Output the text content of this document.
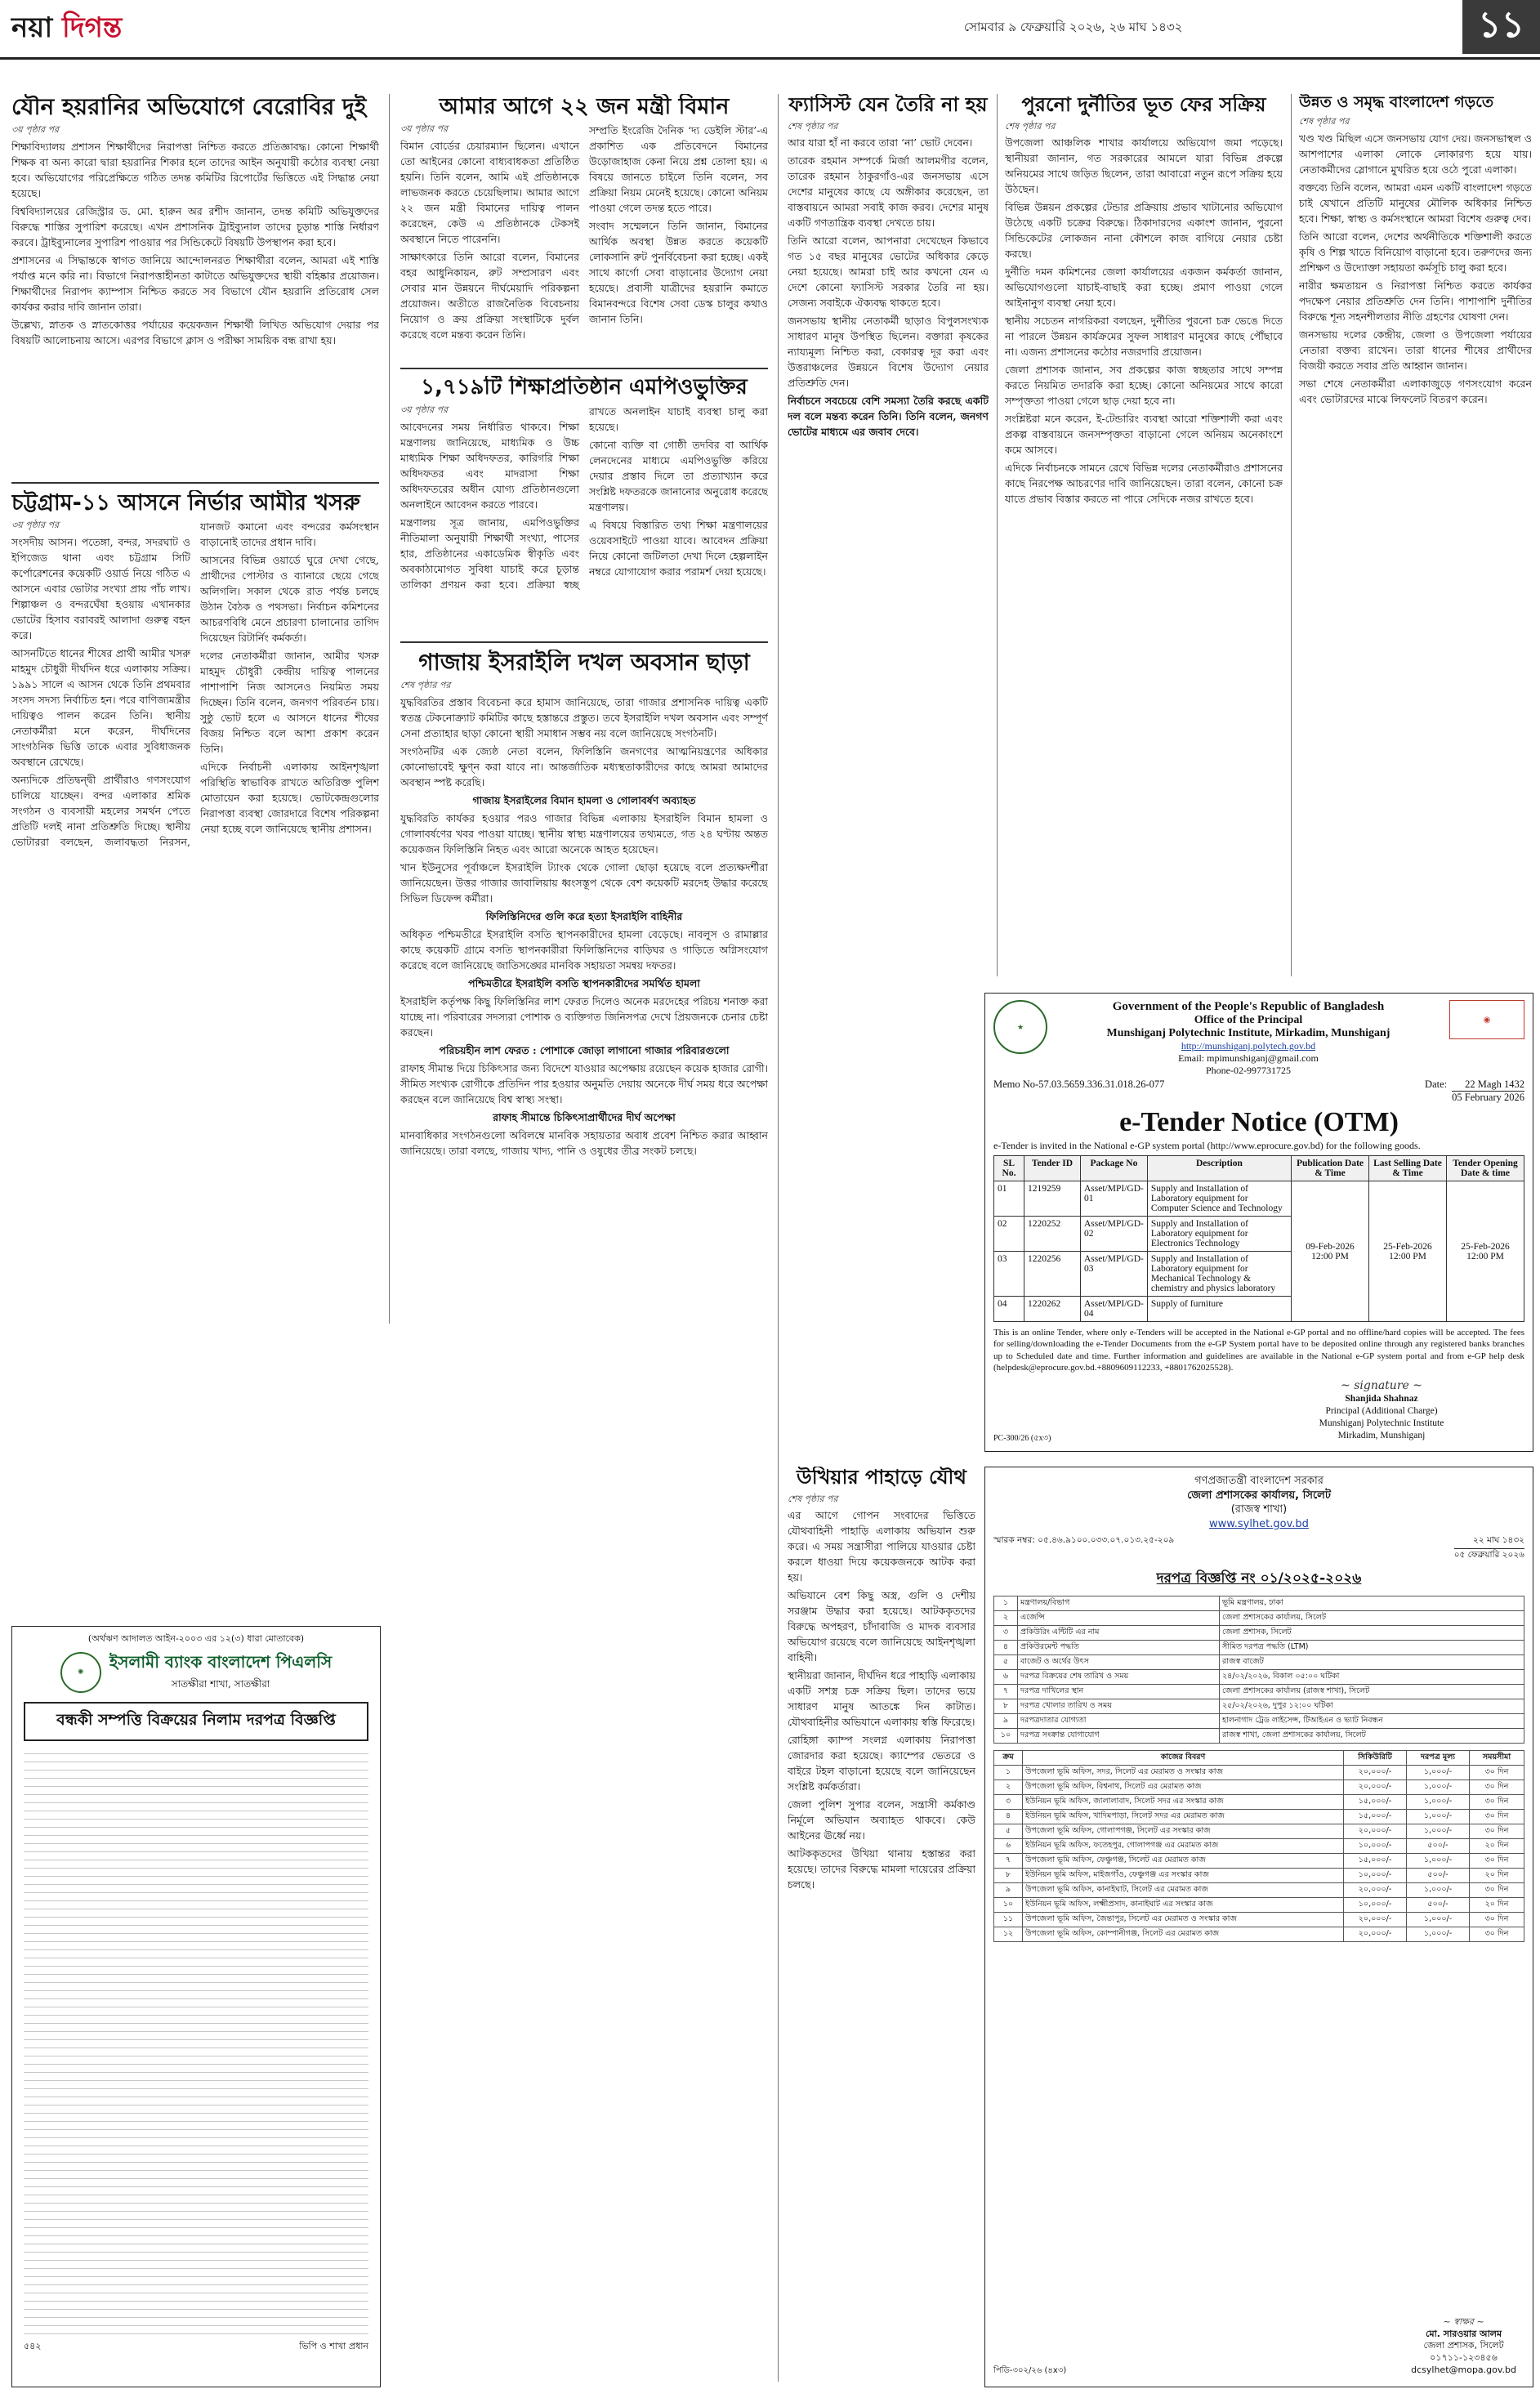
নয়া দিগন্ত	সোমবার ৯ ফেব্রুয়ারি ২০২৬, ২৬ মাঘ ১৪৩২	১১
যৌন হয়রানির অভিযোগে বেরোবির দুই
৩য় পৃষ্ঠার পর

শিক্ষাবিদ্যালয় প্রশাসন শিক্ষার্থীদের নিরাপত্তা নিশ্চিত করতে প্রতিজ্ঞাবদ্ধ। কোনো শিক্ষার্থী শিক্ষক বা অন্য কারো দ্বারা হয়রানির শিকার হলে তাদের আইন অনুযায়ী কঠোর ব্যবস্থা নেয়া হবে। অভিযোগের পরিপ্রেক্ষিতে গঠিত তদন্ত কমিটির রিপোর্টের ভিত্তিতে এই সিদ্ধান্ত নেয়া হয়েছে।

বিশ্ববিদ্যালয়ের রেজিস্ট্রার ড. মো. হারুন অর রশীদ জানান, তদন্ত কমিটি অভিযুক্তদের বিরুদ্ধে শাস্তির সুপারিশ করেছে। এখন প্রশাসনিক ট্রাইব্যুনাল তাদের চূড়ান্ত শাস্তি নির্ধারণ করবে। ট্রাইব্যুনালের সুপারিশ পাওয়ার পর সিন্ডিকেটে বিষয়টি উপস্থাপন করা হবে।

প্রশাসনের এ সিদ্ধান্তকে স্বাগত জানিয়ে আন্দোলনরত শিক্ষার্থীরা বলেন, আমরা এই শাস্তি পর্যাপ্ত মনে করি না। বিভাগে নিরাপত্তাহীনতা কাটাতে অভিযুক্তদের স্থায়ী বহিষ্কার প্রয়োজন। শিক্ষার্থীদের নিরাপদ ক্যাম্পাস নিশ্চিত করতে সব বিভাগে যৌন হয়রানি প্রতিরোধ সেল কার্যকর করার দাবি জানান তারা।

উল্লেখ্য, স্নাতক ও স্নাতকোত্তর পর্যায়ের কয়েকজন শিক্ষার্থী লিখিত অভিযোগ দেয়ার পর বিষয়টি আলোচনায় আসে। এরপর বিভাগে ক্লাস ও পরীক্ষা সাময়িক বন্ধ রাখা হয়।

চট্টগ্রাম-১১ আসনে নির্ভার আমীর খসরু
৩য় পৃষ্ঠার পর

সংসদীয় আসন। পতেঙ্গা, বন্দর, সদরঘাট ও ইপিজেড থানা এবং চট্টগ্রাম সিটি কর্পোরেশনের কয়েকটি ওয়ার্ড নিয়ে গঠিত এ আসনে এবার ভোটার সংখ্যা প্রায় পাঁচ লাখ। শিল্পাঞ্চল ও বন্দরঘেঁষা হওয়ায় এখানকার ভোটের হিসাব বরাবরই আলাদা গুরুত্ব বহন করে।

আসনটিতে ধানের শীষের প্রার্থী আমীর খসরু মাহমুদ চৌধুরী দীর্ঘদিন ধরে এলাকায় সক্রিয়। ১৯৯১ সালে এ আসন থেকে তিনি প্রথমবার সংসদ সদস্য নির্বাচিত হন। পরে বাণিজ্যমন্ত্রীর দায়িত্বও পালন করেন তিনি। স্থানীয় নেতাকর্মীরা মনে করেন, দীর্ঘদিনের সাংগঠনিক ভিত্তি তাকে এবার সুবিধাজনক অবস্থানে রেখেছে।

অন্যদিকে প্রতিদ্বন্দ্বী প্রার্থীরাও গণসংযোগ চালিয়ে যাচ্ছেন। বন্দর এলাকার শ্রমিক সংগঠন ও ব্যবসায়ী মহলের সমর্থন পেতে প্রতিটি দলই নানা প্রতিশ্রুতি দিচ্ছে। স্থানীয় ভোটাররা বলছেন, জলাবদ্ধতা নিরসন, যানজট কমানো এবং বন্দরের কর্মসংস্থান বাড়ানোই তাদের প্রধান দাবি।

আসনের বিভিন্ন ওয়ার্ডে ঘুরে দেখা গেছে, প্রার্থীদের পোস্টার ও ব্যানারে ছেয়ে গেছে অলিগলি। সকাল থেকে রাত পর্যন্ত চলছে উঠান বৈঠক ও পথসভা। নির্বাচন কমিশনের আচরণবিধি মেনে প্রচারণা চালানোর তাগিদ দিয়েছেন রিটার্নিং কর্মকর্তা।

দলের নেতাকর্মীরা জানান, আমীর খসরু মাহমুদ চৌধুরী কেন্দ্রীয় দায়িত্ব পালনের পাশাপাশি নিজ আসনেও নিয়মিত সময় দিচ্ছেন। তিনি বলেন, জনগণ পরিবর্তন চায়। সুষ্ঠু ভোট হলে এ আসনে ধানের শীষের বিজয় নিশ্চিত বলে আশা প্রকাশ করেন তিনি।

এদিকে নির্বাচনী এলাকায় আইনশৃঙ্খলা পরিস্থিতি স্বাভাবিক রাখতে অতিরিক্ত পুলিশ মোতায়েন করা হয়েছে। ভোটকেন্দ্রগুলোর নিরাপত্তা ব্যবস্থা জোরদারে বিশেষ পরিকল্পনা নেয়া হচ্ছে বলে জানিয়েছে স্থানীয় প্রশাসন।

(অর্থঋণ আদালত আইন-২০০৩ এর ১২(৩) ধারা মোতাবেক)
✺
ইসলামী ব্যাংক বাংলাদেশ পিএলসি
সাতক্ষীরা শাখা, সাতক্ষীরা
বন্ধকী সম্পত্তি বিক্রয়ের নিলাম দরপত্র বিজ্ঞপ্তি
৫৪২	ভিপি ও শাখা প্রধান
আমার আগে ২২ জন মন্ত্রী বিমান
৩য় পৃষ্ঠার পর

বিমান বোর্ডের চেয়ারম্যান ছিলেন। এখানে তো আইনের কোনো বাধ্যবাধকতা প্রতিষ্ঠিত হয়নি। তিনি বলেন, আমি এই প্রতিষ্ঠানকে লাভজনক করতে চেয়েছিলাম। আমার আগে ২২ জন মন্ত্রী বিমানের দায়িত্ব পালন করেছেন, কেউ এ প্রতিষ্ঠানকে টেকসই অবস্থানে নিতে পারেননি।

সাক্ষাৎকারে তিনি আরো বলেন, বিমানের বহর আধুনিকায়ন, রুট সম্প্রসারণ এবং সেবার মান উন্নয়নে দীর্ঘমেয়াদি পরিকল্পনা প্রয়োজন। অতীতে রাজনৈতিক বিবেচনায় নিয়োগ ও ক্রয় প্রক্রিয়া সংস্থাটিকে দুর্বল করেছে বলে মন্তব্য করেন তিনি।

সম্প্রতি ইংরেজি দৈনিক ‘দ্য ডেইলি স্টার’-এ প্রকাশিত এক প্রতিবেদনে বিমানের উড়োজাহাজ কেনা নিয়ে প্রশ্ন তোলা হয়। এ বিষয়ে জানতে চাইলে তিনি বলেন, সব প্রক্রিয়া নিয়ম মেনেই হয়েছে। কোনো অনিয়ম পাওয়া গেলে তদন্ত হতে পারে।

সংবাদ সম্মেলনে তিনি জানান, বিমানের আর্থিক অবস্থা উন্নত করতে কয়েকটি লোকসানি রুট পুনর্বিবেচনা করা হচ্ছে। একই সাথে কার্গো সেবা বাড়ানোর উদ্যোগ নেয়া হয়েছে। প্রবাসী যাত্রীদের হয়রানি কমাতে বিমানবন্দরে বিশেষ সেবা ডেস্ক চালুর কথাও জানান তিনি।

১,৭১৯টি শিক্ষাপ্রতিষ্ঠান এমপিওভুক্তির
৩য় পৃষ্ঠার পর

আবেদনের সময় নির্ধারিত থাকবে। শিক্ষা মন্ত্রণালয় জানিয়েছে, মাধ্যমিক ও উচ্চ মাধ্যমিক শিক্ষা অধিদফতর, কারিগরি শিক্ষা অধিদফতর এবং মাদরাসা শিক্ষা অধিদফতরের অধীন যোগ্য প্রতিষ্ঠানগুলো অনলাইনে আবেদন করতে পারবে।

মন্ত্রণালয় সূত্র জানায়, এমপিওভুক্তির নীতিমালা অনুযায়ী শিক্ষার্থী সংখ্যা, পাসের হার, প্রতিষ্ঠানের একাডেমিক স্বীকৃতি এবং অবকাঠামোগত সুবিধা যাচাই করে চূড়ান্ত তালিকা প্রণয়ন করা হবে। প্রক্রিয়া স্বচ্ছ রাখতে অনলাইন যাচাই ব্যবস্থা চালু করা হয়েছে।

কোনো ব্যক্তি বা গোষ্ঠী তদবির বা আর্থিক লেনদেনের মাধ্যমে এমপিওভুক্তি করিয়ে দেয়ার প্রস্তাব দিলে তা প্রত্যাখ্যান করে সংশ্লিষ্ট দফতরকে জানানোর অনুরোধ করেছে মন্ত্রণালয়।

এ বিষয়ে বিস্তারিত তথ্য শিক্ষা মন্ত্রণালয়ের ওয়েবসাইটে পাওয়া যাবে। আবেদন প্রক্রিয়া নিয়ে কোনো জটিলতা দেখা দিলে হেল্পলাইন নম্বরে যোগাযোগ করার পরামর্শ দেয়া হয়েছে।

গাজায় ইসরাইলি দখল অবসান ছাড়া
শেষ পৃষ্ঠার পর

যুদ্ধবিরতির প্রস্তাব বিবেচনা করে হামাস জানিয়েছে, তারা গাজার প্রশাসনিক দায়িত্ব একটি স্বতন্ত্র টেকনোক্র্যাট কমিটির কাছে হস্তান্তরে প্রস্তুত। তবে ইসরাইলি দখল অবসান এবং সম্পূর্ণ সেনা প্রত্যাহার ছাড়া কোনো স্থায়ী সমাধান সম্ভব নয় বলে জানিয়েছে সংগঠনটি।

সংগঠনটির এক জ্যেষ্ঠ নেতা বলেন, ফিলিস্তিনি জনগণের আত্মনিয়ন্ত্রণের অধিকার কোনোভাবেই ক্ষুণ্ন করা যাবে না। আন্তর্জাতিক মধ্যস্থতাকারীদের কাছে আমরা আমাদের অবস্থান স্পষ্ট করেছি।

গাজায় ইসরাইলের বিমান হামলা ও গোলাবর্ষণ অব্যাহত

যুদ্ধবিরতি কার্যকর হওয়ার পরও গাজার বিভিন্ন এলাকায় ইসরাইলি বিমান হামলা ও গোলাবর্ষণের খবর পাওয়া যাচ্ছে। স্থানীয় স্বাস্থ্য মন্ত্রণালয়ের তথ্যমতে, গত ২৪ ঘণ্টায় অন্তত কয়েকজন ফিলিস্তিনি নিহত এবং আরো অনেকে আহত হয়েছেন।

খান ইউনুসের পূর্বাঞ্চলে ইসরাইলি ট্যাংক থেকে গোলা ছোড়া হয়েছে বলে প্রত্যক্ষদর্শীরা জানিয়েছেন। উত্তর গাজার জাবালিয়ায় ধ্বংসস্তূপ থেকে বেশ কয়েকটি মরদেহ উদ্ধার করেছে সিভিল ডিফেন্স কর্মীরা।

ফিলিস্তিনিদের গুলি করে হত্যা ইসরাইলি বাহিনীর

অধিকৃত পশ্চিমতীরে ইসরাইলি বসতি স্থাপনকারীদের হামলা বেড়েছে। নাবলুস ও রামাল্লার কাছে কয়েকটি গ্রামে বসতি স্থাপনকারীরা ফিলিস্তিনিদের বাড়িঘর ও গাড়িতে অগ্নিসংযোগ করেছে বলে জানিয়েছে জাতিসঙ্ঘের মানবিক সহায়তা সমন্বয় দফতর।

পশ্চিমতীরে ইসরাইলি বসতি স্থাপনকারীদের সমর্থিত হামলা

ইসরাইলি কর্তৃপক্ষ কিছু ফিলিস্তিনির লাশ ফেরত দিলেও অনেক মরদেহের পরিচয় শনাক্ত করা যাচ্ছে না। পরিবারের সদস্যরা পোশাক ও ব্যক্তিগত জিনিসপত্র দেখে প্রিয়জনকে চেনার চেষ্টা করছেন।

পরিচয়হীন লাশ ফেরত : পোশাকে জোড়া লাগানো গাজার পরিবারগুলো

রাফাহ সীমান্ত দিয়ে চিকিৎসার জন্য বিদেশে যাওয়ার অপেক্ষায় রয়েছেন কয়েক হাজার রোগী। সীমিত সংখ্যক রোগীকে প্রতিদিন পার হওয়ার অনুমতি দেয়ায় অনেকে দীর্ঘ সময় ধরে অপেক্ষা করছেন বলে জানিয়েছে বিশ্ব স্বাস্থ্য সংস্থা।

রাফাহ সীমান্তে চিকিৎসাপ্রার্থীদের দীর্ঘ অপেক্ষা

মানবাধিকার সংগঠনগুলো অবিলম্বে মানবিক সহায়তার অবাধ প্রবেশ নিশ্চিত করার আহ্বান জানিয়েছে। তারা বলছে, গাজায় খাদ্য, পানি ও ওষুধের তীব্র সংকট চলছে।

ফ্যাসিস্ট যেন তৈরি না হয়
শেষ পৃষ্ঠার পর

আর যারা হাঁ না করবে তারা ‘না’ ভোট দেবেন।

তারেক রহমান সম্পর্কে মির্জা আলমগীর বলেন, তারেক রহমান ঠাকুরগাঁও-এর জনসভায় এসে দেশের মানুষের কাছে যে অঙ্গীকার করেছেন, তা বাস্তবায়নে আমরা সবাই কাজ করব। দেশের মানুষ একটি গণতান্ত্রিক ব্যবস্থা দেখতে চায়।

তিনি আরো বলেন, আপনারা দেখেছেন কিভাবে গত ১৫ বছর মানুষের ভোটের অধিকার কেড়ে নেয়া হয়েছে। আমরা চাই আর কখনো যেন এ দেশে কোনো ফ্যাসিস্ট সরকার তৈরি না হয়। সেজন্য সবাইকে ঐক্যবদ্ধ থাকতে হবে।

জনসভায় স্থানীয় নেতাকর্মী ছাড়াও বিপুলসংখ্যক সাধারণ মানুষ উপস্থিত ছিলেন। বক্তারা কৃষকের ন্যায্যমূল্য নিশ্চিত করা, বেকারত্ব দূর করা এবং উত্তরাঞ্চলের উন্নয়নে বিশেষ উদ্যোগ নেয়ার প্রতিশ্রুতি দেন।

নির্বাচনে সবচেয়ে বেশি সমস্যা তৈরি করছে একটি দল বলে মন্তব্য করেন তিনি। তিনি বলেন, জনগণ ভোটের মাধ্যমে এর জবাব দেবে।

পুরনো দুর্নীতির ভূত ফের সক্রিয়
শেষ পৃষ্ঠার পর

উপজেলা আঞ্চলিক শাখার কার্যালয়ে অভিযোগ জমা পড়েছে। স্থানীয়রা জানান, গত সরকারের আমলে যারা বিভিন্ন প্রকল্পে অনিয়মের সাথে জড়িত ছিলেন, তারা আবারো নতুন রূপে সক্রিয় হয়ে উঠছেন।

বিভিন্ন উন্নয়ন প্রকল্পের টেন্ডার প্রক্রিয়ায় প্রভাব খাটানোর অভিযোগ উঠেছে একটি চক্রের বিরুদ্ধে। ঠিকাদারদের একাংশ জানান, পুরনো সিন্ডিকেটের লোকজন নানা কৌশলে কাজ বাগিয়ে নেয়ার চেষ্টা করছে।

দুর্নীতি দমন কমিশনের জেলা কার্যালয়ের একজন কর্মকর্তা জানান, অভিযোগগুলো যাচাই-বাছাই করা হচ্ছে। প্রমাণ পাওয়া গেলে আইনানুগ ব্যবস্থা নেয়া হবে।

স্থানীয় সচেতন নাগরিকরা বলছেন, দুর্নীতির পুরনো চক্র ভেঙে দিতে না পারলে উন্নয়ন কার্যক্রমের সুফল সাধারণ মানুষের কাছে পৌঁছাবে না। এজন্য প্রশাসনের কঠোর নজরদারি প্রয়োজন।

জেলা প্রশাসক জানান, সব প্রকল্পের কাজ স্বচ্ছতার সাথে সম্পন্ন করতে নিয়মিত তদারকি করা হচ্ছে। কোনো অনিয়মের সাথে কারো সম্পৃক্ততা পাওয়া গেলে ছাড় দেয়া হবে না।

সংশ্লিষ্টরা মনে করেন, ই-টেন্ডারিং ব্যবস্থা আরো শক্তিশালী করা এবং প্রকল্প বাস্তবায়নে জনসম্পৃক্ততা বাড়ানো গেলে অনিয়ম অনেকাংশে কমে আসবে।

এদিকে নির্বাচনকে সামনে রেখে বিভিন্ন দলের নেতাকর্মীরাও প্রশাসনের কাছে নিরপেক্ষ আচরণের দাবি জানিয়েছেন। তারা বলেন, কোনো চক্র যাতে প্রভাব বিস্তার করতে না পারে সেদিকে নজর রাখতে হবে।

উন্নত ও সমৃদ্ধ বাংলাদেশ গড়তে
শেষ পৃষ্ঠার পর

খণ্ড খণ্ড মিছিল এসে জনসভায় যোগ দেয়। জনসভাস্থল ও আশপাশের এলাকা লোকে লোকারণ্য হয়ে যায়। নেতাকর্মীদের স্লোগানে মুখরিত হয়ে ওঠে পুরো এলাকা।

বক্তব্যে তিনি বলেন, আমরা এমন একটি বাংলাদেশ গড়তে চাই যেখানে প্রতিটি মানুষের মৌলিক অধিকার নিশ্চিত হবে। শিক্ষা, স্বাস্থ্য ও কর্মসংস্থানে আমরা বিশেষ গুরুত্ব দেব।

তিনি আরো বলেন, দেশের অর্থনীতিকে শক্তিশালী করতে কৃষি ও শিল্প খাতে বিনিয়োগ বাড়ানো হবে। তরুণদের জন্য প্রশিক্ষণ ও উদ্যোক্তা সহায়তা কর্মসূচি চালু করা হবে।

নারীর ক্ষমতায়ন ও নিরাপত্তা নিশ্চিত করতে কার্যকর পদক্ষেপ নেয়ার প্রতিশ্রুতি দেন তিনি। পাশাপাশি দুর্নীতির বিরুদ্ধে শূন্য সহনশীলতার নীতি গ্রহণের ঘোষণা দেন।

জনসভায় দলের কেন্দ্রীয়, জেলা ও উপজেলা পর্যায়ের নেতারা বক্তব্য রাখেন। তারা ধানের শীষের প্রার্থীদের বিজয়ী করতে সবার প্রতি আহ্বান জানান।

সভা শেষে নেতাকর্মীরা এলাকাজুড়ে গণসংযোগ করেন এবং ভোটারদের মাঝে লিফলেট বিতরণ করেন।

★
Government of the People's Republic of Bangladesh
Office of the Principal
Munshiganj Polytechnic Institute, Mirkadim, Munshiganj
http://munshiganj.polytech.gov.bd
Email: mpimunshiganj@gmail.com
Phone-02-997731725
◉
Memo No-57.03.5659.336.31.018.26-077	Date:	22 Magh 1432
05 February 2026
e-Tender Notice (OTM)
e-Tender is invited in the National e-GP system portal (http://www.eprocure.gov.bd) for the following goods.
SL No.	Tender ID	Package No	Description	Publication Date & Time	Last Selling Date & Time	Tender Opening Date & time
01	1219259	Asset/MPI/GD-01	Supply and Installation of Laboratory equipment for Computer Science and Technology	09-Feb-2026 12:00 PM	25-Feb-2026 12:00 PM	25-Feb-2026 12:00 PM
02	1220252	Asset/MPI/GD-02	Supply and Installation of Laboratory equipment for Electronics Technology			
03	1220256	Asset/MPI/GD-03	Supply and Installation of Laboratory equipment for Mechanical Technology & chemistry and physics laboratory			
04	1220262	Asset/MPI/GD-04	Supply of furniture			
This is an online Tender, where only e-Tenders will be accepted in the National e-GP portal and no offline/hard copies will be accepted. The fees for selling/downloading the e-Tender Documents from the e-GP System portal have to be deposited online through any registered banks branches up to Scheduled date and time. Further information and guidelines are available in the National e-GP system portal and from e-GP help desk (helpdesk@eprocure.gov.bd.+8809609112233, +8801762025528).
~ signature ~
Shanjida Shahnaz
Principal (Additional Charge)
Munshiganj Polytechnic Institute
Mirkadim, Munshiganj
PC-300/26 (৫x৩)
উখিয়ার পাহাড়ে যৌথ
শেষ পৃষ্ঠার পর

এর আগে গোপন সংবাদের ভিত্তিতে যৌথবাহিনী পাহাড়ি এলাকায় অভিযান শুরু করে। এ সময় সন্ত্রাসীরা পালিয়ে যাওয়ার চেষ্টা করলে ধাওয়া দিয়ে কয়েকজনকে আটক করা হয়।

অভিযানে বেশ কিছু অস্ত্র, গুলি ও দেশীয় সরঞ্জাম উদ্ধার করা হয়েছে। আটককৃতদের বিরুদ্ধে অপহরণ, চাঁদাবাজি ও মাদক ব্যবসার অভিযোগ রয়েছে বলে জানিয়েছে আইনশৃঙ্খলা বাহিনী।

স্থানীয়রা জানান, দীর্ঘদিন ধরে পাহাড়ি এলাকায় একটি সশস্ত্র চক্র সক্রিয় ছিল। তাদের ভয়ে সাধারণ মানুষ আতঙ্কে দিন কাটাত। যৌথবাহিনীর অভিযানে এলাকায় স্বস্তি ফিরেছে।

রোহিঙ্গা ক্যাম্প সংলগ্ন এলাকায় নিরাপত্তা জোরদার করা হয়েছে। ক্যাম্পের ভেতরে ও বাইরে টহল বাড়ানো হয়েছে বলে জানিয়েছেন সংশ্লিষ্ট কর্মকর্তারা।

জেলা পুলিশ সুপার বলেন, সন্ত্রাসী কর্মকাণ্ড নির্মূলে অভিযান অব্যাহত থাকবে। কেউ আইনের ঊর্ধ্বে নয়।

আটককৃতদের উখিয়া থানায় হস্তান্তর করা হয়েছে। তাদের বিরুদ্ধে মামলা দায়েরের প্রক্রিয়া চলছে।

গণপ্রজাতন্ত্রী বাংলাদেশ সরকার
জেলা প্রশাসকের কার্যালয়, সিলেট
(রাজস্ব শাখা)
www.sylhet.gov.bd
স্মারক নম্বর: ০৫.৪৬.৯১০০.০৩৩.০৭.০১৩.২৫-২০৯	২২ মাঘ ১৪৩২
০৫ ফেব্রুয়ারি ২০২৬
দরপত্র বিজ্ঞপ্তি নং ০১/২০২৫-২০২৬
১	মন্ত্রণালয়/বিভাগ	ভূমি মন্ত্রণালয়, ঢাকা
২	এজেন্সি	জেলা প্রশাসকের কার্যালয়, সিলেট
৩	প্রকিউরিং এন্টিটি এর নাম	জেলা প্রশাসক, সিলেট
৪	প্রকিউরমেন্ট পদ্ধতি	সীমিত দরপত্র পদ্ধতি (LTM)
৫	বাজেট ও অর্থের উৎস	রাজস্ব বাজেট
৬	দরপত্র বিক্রয়ের শেষ তারিখ ও সময়	২৪/০২/২০২৬, বিকাল ০৫:০০ ঘটিকা
৭	দরপত্র দাখিলের স্থান	জেলা প্রশাসকের কার্যালয় (রাজস্ব শাখা), সিলেট
৮	দরপত্র খোলার তারিখ ও সময়	২৫/০২/২০২৬, দুপুর ১২:০০ ঘটিকা
৯	দরপত্রদাতার যোগ্যতা	হালনাগাদ ট্রেড লাইসেন্স, টিআইএন ও ভ্যাট নিবন্ধন
১০	দরপত্র সংক্রান্ত যোগাযোগ	রাজস্ব শাখা, জেলা প্রশাসকের কার্যালয়, সিলেট
ক্রম	কাজের বিবরণ	সিকিউরিটি	দরপত্র মূল্য	সময়সীমা
১	উপজেলা ভূমি অফিস, সদর, সিলেট এর মেরামত ও সংস্কার কাজ	২০,০০০/-	১,০০০/-	৩০ দিন
২	উপজেলা ভূমি অফিস, বিশ্বনাথ, সিলেট এর মেরামত কাজ	২০,০০০/-	১,০০০/-	৩০ দিন
৩	ইউনিয়ন ভূমি অফিস, জালালাবাদ, সিলেট সদর এর সংস্কার কাজ	১৫,০০০/-	১,০০০/-	৩০ দিন
৪	ইউনিয়ন ভূমি অফিস, খাদিমপাড়া, সিলেট সদর এর মেরামত কাজ	১৫,০০০/-	১,০০০/-	৩০ দিন
৫	উপজেলা ভূমি অফিস, গোলাপগঞ্জ, সিলেট এর সংস্কার কাজ	২০,০০০/-	১,০০০/-	৩০ দিন
৬	ইউনিয়ন ভূমি অফিস, ফতেহপুর, গোলাপগঞ্জ এর মেরামত কাজ	১০,০০০/-	৫০০/-	২০ দিন
৭	উপজেলা ভূমি অফিস, ফেঞ্চুগঞ্জ, সিলেট এর মেরামত কাজ	১৫,০০০/-	১,০০০/-	৩০ দিন
৮	ইউনিয়ন ভূমি অফিস, মাইজগাঁও, ফেঞ্চুগঞ্জ এর সংস্কার কাজ	১০,০০০/-	৫০০/-	২০ দিন
৯	উপজেলা ভূমি অফিস, কানাইঘাট, সিলেট এর মেরামত কাজ	২০,০০০/-	১,০০০/-	৩০ দিন
১০	ইউনিয়ন ভূমি অফিস, লক্ষ্মীপ্রসাদ, কানাইঘাট এর সংস্কার কাজ	১০,০০০/-	৫০০/-	২০ দিন
১১	উপজেলা ভূমি অফিস, জৈন্তাপুর, সিলেট এর মেরামত ও সংস্কার কাজ	২০,০০০/-	১,০০০/-	৩০ দিন
১২	উপজেলা ভূমি অফিস, কোম্পানীগঞ্জ, সিলেট এর মেরামত কাজ	২০,০০০/-	১,০০০/-	৩০ দিন
~ স্বাক্ষর ~
মো. সারওয়ার আলম
জেলা প্রশাসক, সিলেট
০১৭১১-১২৩৪৫৬
dcsylhet@mopa.gov.bd
পিডি-৩০২/২৬ (৪x৩)
